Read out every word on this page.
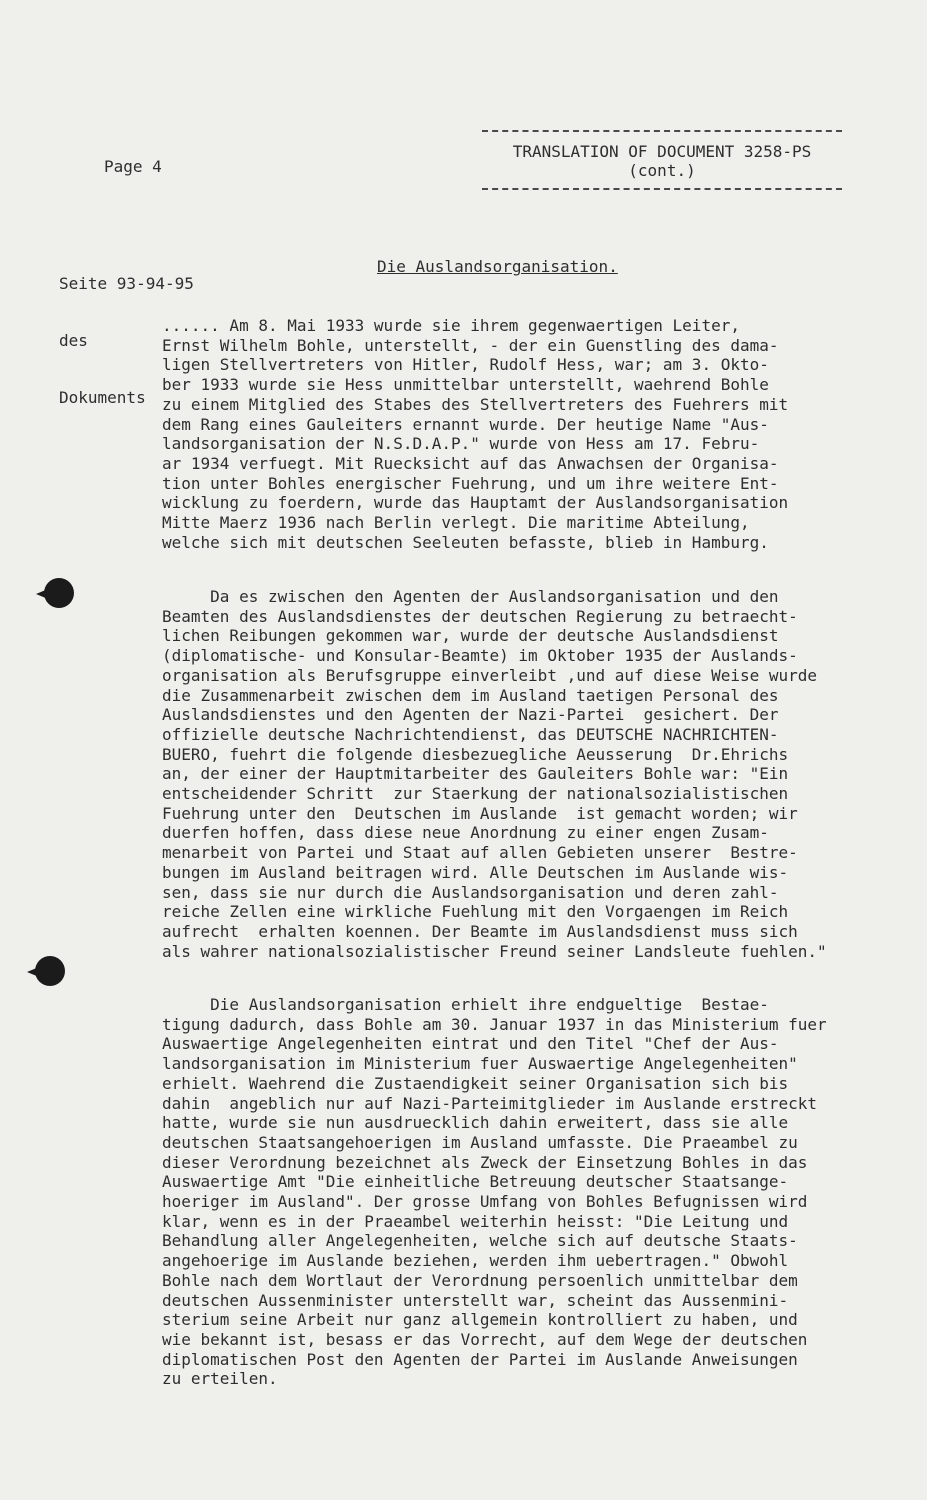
TRANSLATION OF DOCUMENT 3258-PS
(cont.)
Page 4

Seite 93-94-95

des

Dokuments

Die Auslandsorganisation.
...... Am 8. Mai 1933 wurde sie ihrem gegenwaertigen Leiter,
Ernst Wilhelm Bohle, unterstellt, - der ein Guenstling des dama-
ligen Stellvertreters von Hitler, Rudolf Hess, war; am 3. Okto-
ber 1933 wurde sie Hess unmittelbar unterstellt, waehrend Bohle
zu einem Mitglied des Stabes des Stellvertreters des Fuehrers mit
dem Rang eines Gauleiters ernannt wurde. Der heutige Name "Aus-
landsorganisation der N.S.D.A.P." wurde von Hess am 17. Febru-
ar 1934 verfuegt. Mit Ruecksicht auf das Anwachsen der Organisa-
tion unter Bohles energischer Fuehrung, und um ihre weitere Ent-
wicklung zu foerdern, wurde das Hauptamt der Auslandsorganisation
Mitte Maerz 1936 nach Berlin verlegt. Die maritime Abteilung,
welche sich mit deutschen Seeleuten befasste, blieb in Hamburg.
Da es zwischen den Agenten der Auslandsorganisation und den
Beamten des Auslandsdienstes der deutschen Regierung zu betraecht-
lichen Reibungen gekommen war, wurde der deutsche Auslandsdienst
(diplomatische- und Konsular-Beamte) im Oktober 1935 der Auslands-
organisation als Berufsgruppe einverleibt ,und auf diese Weise wurde
die Zusammenarbeit zwischen dem im Ausland taetigen Personal des
Auslandsdienstes und den Agenten der Nazi-Partei  gesichert. Der
offizielle deutsche Nachrichtendienst, das DEUTSCHE NACHRICHTEN-
BUERO, fuehrt die folgende diesbezuegliche Aeusserung  Dr.Ehrichs
an, der einer der Hauptmitarbeiter des Gauleiters Bohle war: "Ein
entscheidender Schritt  zur Staerkung der nationalsozialistischen
Fuehrung unter den  Deutschen im Auslande  ist gemacht worden; wir
duerfen hoffen, dass diese neue Anordnung zu einer engen Zusam-
menarbeit von Partei und Staat auf allen Gebieten unserer  Bestre-
bungen im Ausland beitragen wird. Alle Deutschen im Auslande wis-
sen, dass sie nur durch die Auslandsorganisation und deren zahl-
reiche Zellen eine wirkliche Fuehlung mit den Vorgaengen im Reich
aufrecht  erhalten koennen. Der Beamte im Auslandsdienst muss sich
als wahrer nationalsozialistischer Freund seiner Landsleute fuehlen."
Die Auslandsorganisation erhielt ihre endgueltige  Bestae-
tigung dadurch, dass Bohle am 30. Januar 1937 in das Ministerium fuer
Auswaertige Angelegenheiten eintrat und den Titel "Chef der Aus-
landsorganisation im Ministerium fuer Auswaertige Angelegenheiten"
erhielt. Waehrend die Zustaendigkeit seiner Organisation sich bis
dahin  angeblich nur auf Nazi-Parteimitglieder im Auslande erstreckt
hatte, wurde sie nun ausdruecklich dahin erweitert, dass sie alle
deutschen Staatsangehoerigen im Ausland umfasste. Die Praeambel zu
dieser Verordnung bezeichnet als Zweck der Einsetzung Bohles in das
Auswaertige Amt "Die einheitliche Betreuung deutscher Staatsange-
hoeriger im Ausland". Der grosse Umfang von Bohles Befugnissen wird
klar, wenn es in der Praeambel weiterhin heisst: "Die Leitung und
Behandlung aller Angelegenheiten, welche sich auf deutsche Staats-
angehoerige im Auslande beziehen, werden ihm uebertragen." Obwohl
Bohle nach dem Wortlaut der Verordnung persoenlich unmittelbar dem
deutschen Aussenminister unterstellt war, scheint das Aussenmini-
sterium seine Arbeit nur ganz allgemein kontrolliert zu haben, und
wie bekannt ist, besass er das Vorrecht, auf dem Wege der deutschen
diplomatischen Post den Agenten der Partei im Auslande Anweisungen
zu erteilen.
